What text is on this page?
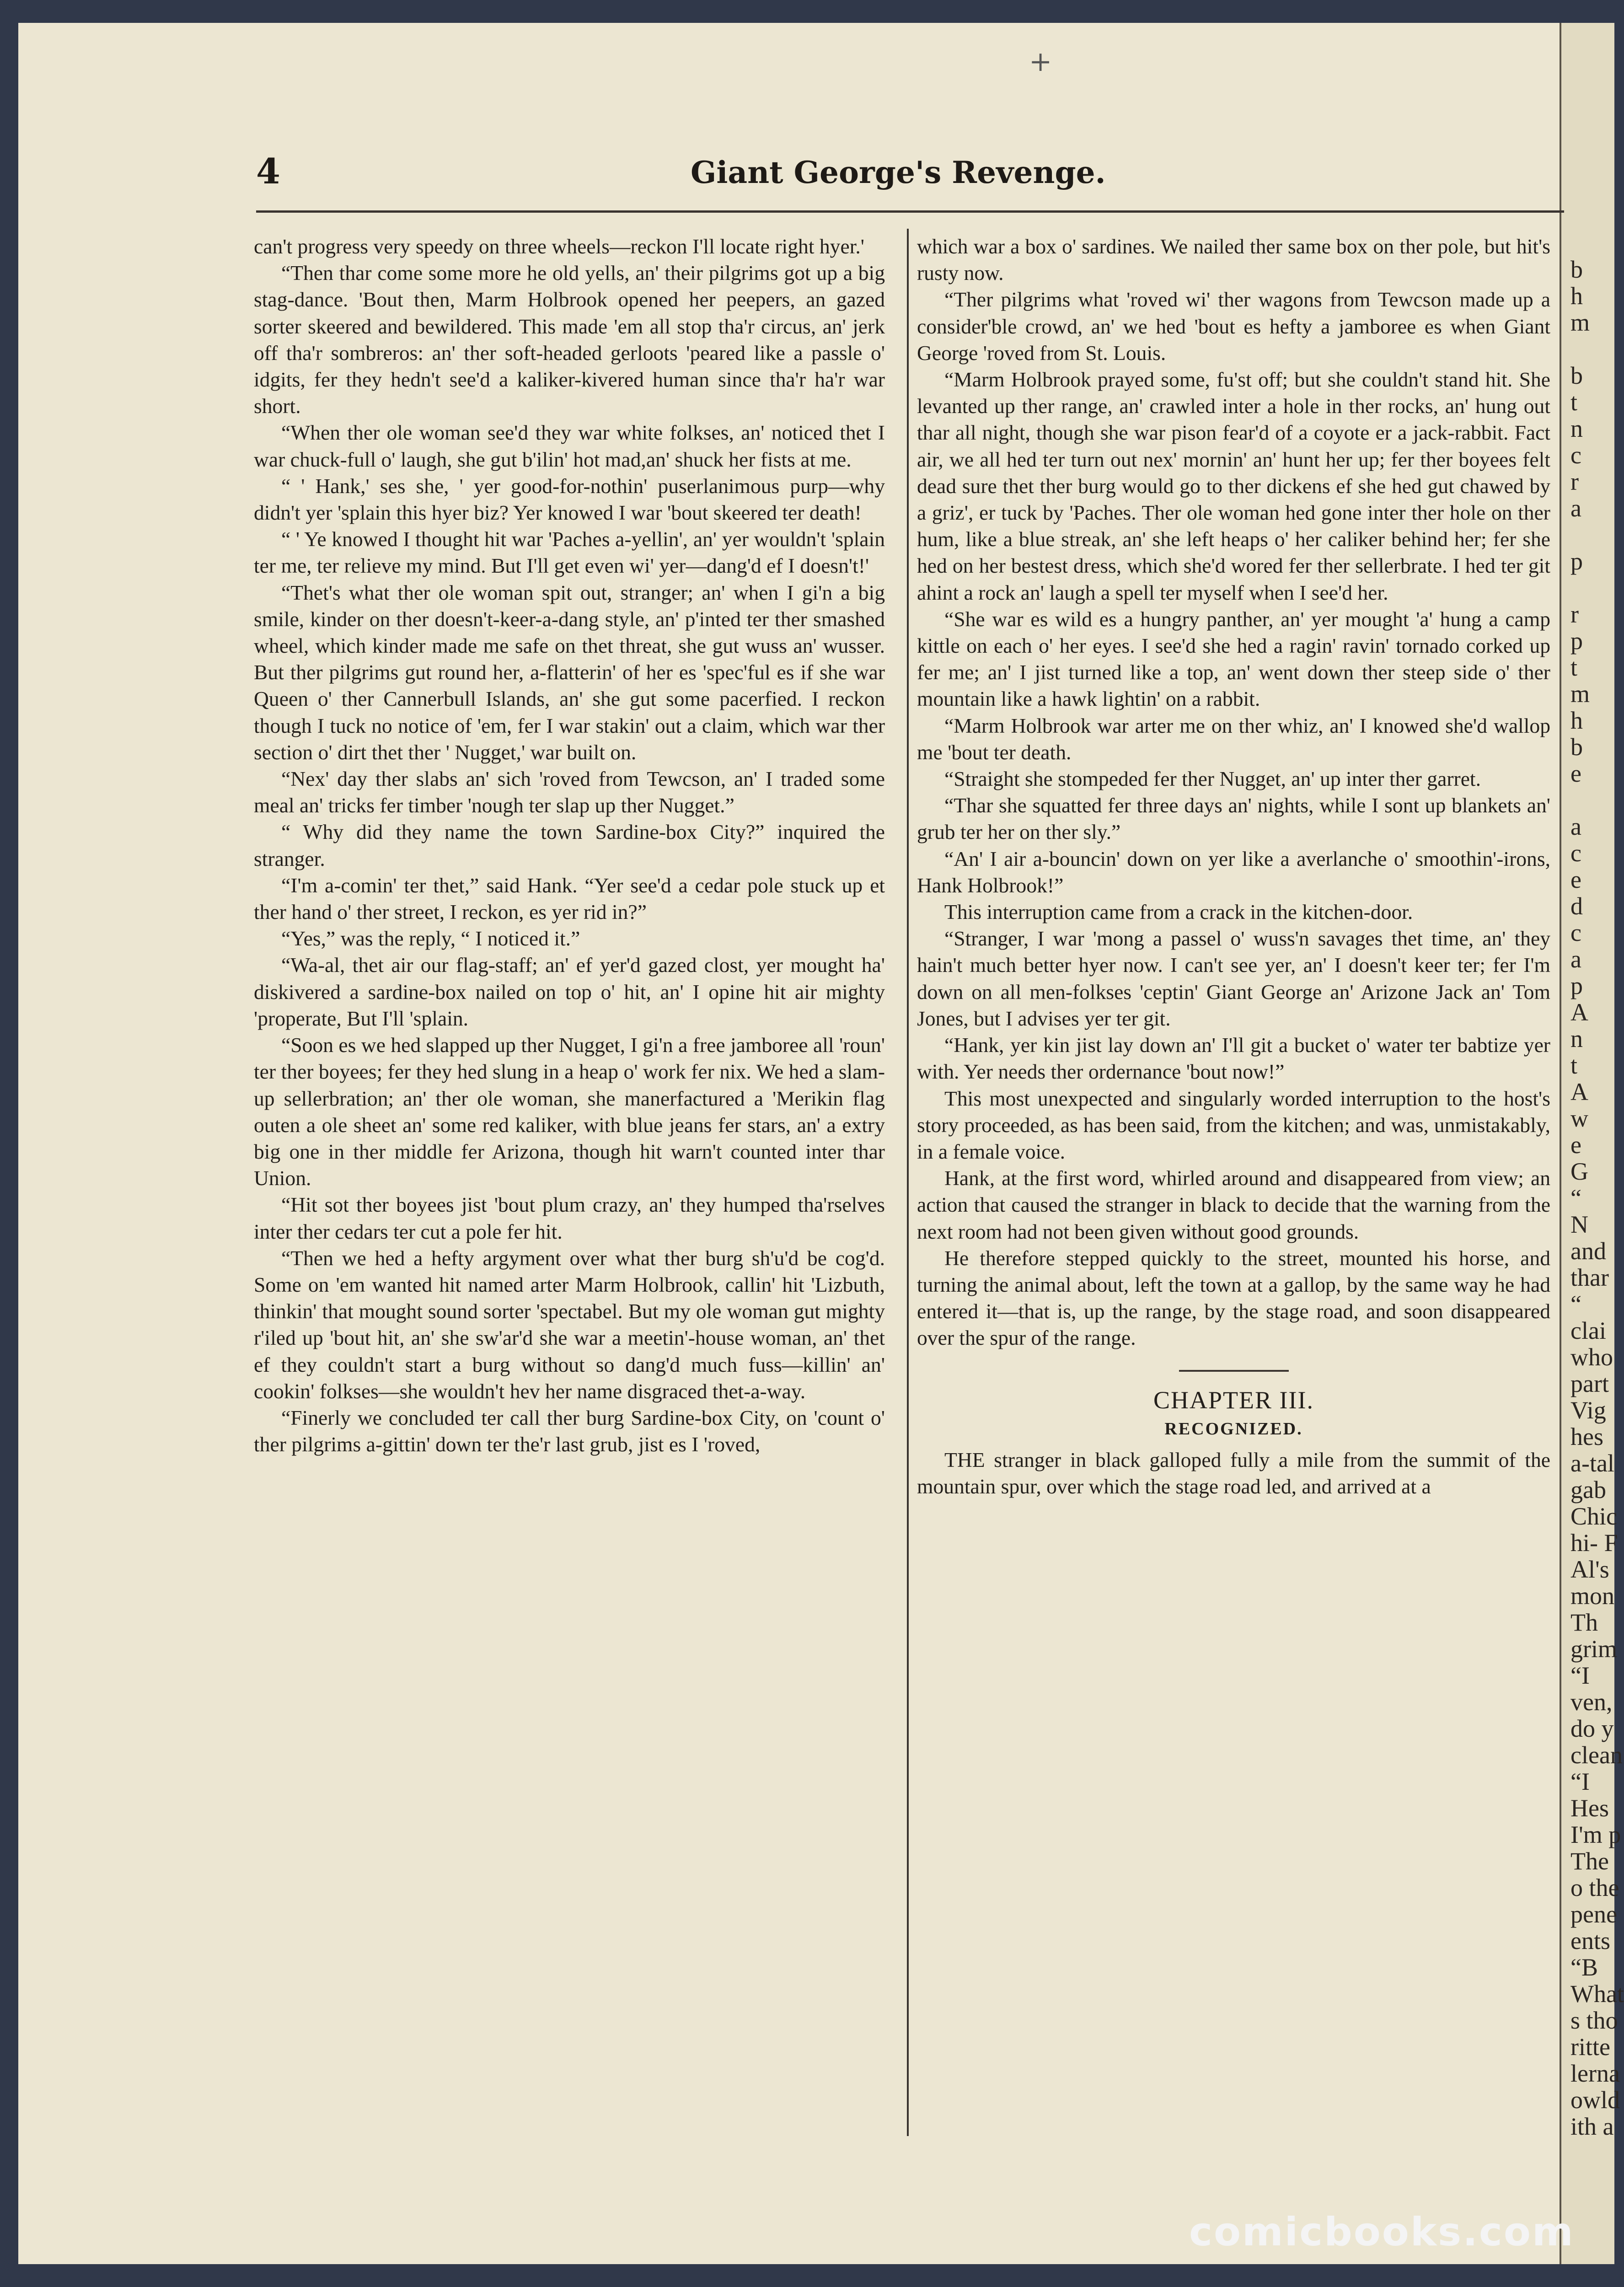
b
h
m
b
t
n
c
r
a
p
r
p
t
m
h
b
e
a
c
e
d
c
a
p
A
n
t
A
w
e
G
“
N
and
thar
“
clai
who
part
Vig
hes
a-tal
gab
Chic
hi- F
Al's
mon
Th
grim
“I
ven,
do y
clean
“I
Hes
I'm p
The
o the
pene
ents
“B
What
s tho
ritte
lerna
owld
ith a
+
4	Giant George's Revenge.

can't progress very speedy on three wheels—reckon I'll locate right hyer.'

“Then thar come some more he old yells, an' their pilgrims got up a big stag-dance. 'Bout then, Marm Holbrook opened her peepers, an gazed sorter skeered and bewildered. This made 'em all stop tha'r circus, an' jerk off tha'r sombreros: an' ther soft-headed gerloots 'peared like a passle o' idgits, fer they hedn't see'd a kaliker-kivered human since tha'r ha'r war short.

“When ther ole woman see'd they war white folkses, an' noticed thet I war chuck-full o' laugh, she gut b'ilin' hot mad,an' shuck her fists at me.

“ ' Hank,' ses she, ' yer good-for-nothin' puserlanimous purp—why didn't yer 'splain this hyer biz? Yer knowed I war 'bout skeered ter death!

“ ' Ye knowed I thought hit war 'Paches a-yellin', an' yer wouldn't 'splain ter me, ter relieve my mind. But I'll get even wi' yer—dang'd ef I doesn't!'

“Thet's what ther ole woman spit out, stranger; an' when I gi'n a big smile, kinder on ther doesn't-keer-a-dang style, an' p'inted ter ther smashed wheel, which kinder made me safe on thet threat, she gut wuss an' wusser. But ther pilgrims gut round her, a-flatterin' of her es 'spec'ful es if she war Queen o' ther Cannerbull Islands, an' she gut some pacerfied. I reckon though I tuck no notice of 'em, fer I war stakin' out a claim, which war ther section o' dirt thet ther ' Nugget,' war built on.

“Nex' day ther slabs an' sich 'roved from Tewcson, an' I traded some meal an' tricks fer timber 'nough ter slap up ther Nugget.”

“ Why did they name the town Sardine-box City?” inquired the stranger.

“I'm a-comin' ter thet,” said Hank. “Yer see'd a cedar pole stuck up et ther hand o' ther street, I reckon, es yer rid in?”

“Yes,” was the reply, “ I noticed it.”

“Wa-al, thet air our flag-staff; an' ef yer'd gazed clost, yer mought ha' diskivered a sardine-box nailed on top o' hit, an' I opine hit air mighty 'properate, But I'll 'splain.

“Soon es we hed slapped up ther Nugget, I gi'n a free jamboree all 'roun' ter ther boyees; fer they hed slung in a heap o' work fer nix. We hed a slam-up sellerbration; an' ther ole woman, she manerfactured a 'Merikin flag outen a ole sheet an' some red kaliker, with blue jeans fer stars, an' a extry big one in ther middle fer Arizona, though hit warn't counted inter thar Union.

“Hit sot ther boyees jist 'bout plum crazy, an' they humped tha'rselves inter ther cedars ter cut a pole fer hit.

“Then we hed a hefty argyment over what ther burg sh'u'd be cog'd. Some on 'em wanted hit named arter Marm Holbrook, callin' hit 'Lizbuth, thinkin' that mought sound sorter 'spectabel. But my ole woman gut mighty r'iled up 'bout hit, an' she sw'ar'd she war a meetin'-house woman, an' thet ef they couldn't start a burg without so dang'd much fuss—killin' an' cookin' folkses—she wouldn't hev her name disgraced thet-a-way.

“Finerly we concluded ter call ther burg Sardine-box City, on 'count o' ther pilgrims a-gittin' down ter the'r last grub, jist es I 'roved,

which war a box o' sardines. We nailed ther same box on ther pole, but hit's rusty now.

“Ther pilgrims what 'roved wi' ther wagons from Tewcson made up a consider'ble crowd, an' we hed 'bout es hefty a jamboree es when Giant George 'roved from St. Louis.

“Marm Holbrook prayed some, fu'st off; but she couldn't stand hit. She levanted up ther range, an' crawled inter a hole in ther rocks, an' hung out thar all night, though she war pison fear'd of a coyote er a jack-rabbit. Fact air, we all hed ter turn out nex' mornin' an' hunt her up; fer ther boyees felt dead sure thet ther burg would go to ther dickens ef she hed gut chawed by a griz', er tuck by 'Paches. Ther ole woman hed gone inter ther hole on ther hum, like a blue streak, an' she left heaps o' her caliker behind her; fer she hed on her bestest dress, which she'd wored fer ther sellerbrate. I hed ter git ahint a rock an' laugh a spell ter myself when I see'd her.

“She war es wild es a hungry panther, an' yer mought 'a' hung a camp kittle on each o' her eyes. I see'd she hed a ragin' ravin' tornado corked up fer me; an' I jist turned like a top, an' went down ther steep side o' ther mountain like a hawk lightin' on a rabbit.

“Marm Holbrook war arter me on ther whiz, an' I knowed she'd wallop me 'bout ter death.

“Straight she stompeded fer ther Nugget, an' up inter ther garret.

“Thar she squatted fer three days an' nights, while I sont up blankets an' grub ter her on ther sly.”

“An' I air a-bouncin' down on yer like a averlanche o' smoothin'-irons, Hank Holbrook!”

This interruption came from a crack in the kitchen-door.

“Stranger, I war 'mong a passel o' wuss'n savages thet time, an' they hain't much better hyer now. I can't see yer, an' I doesn't keer ter; fer I'm down on all men-folkses 'ceptin' Giant George an' Arizone Jack an' Tom Jones, but I advises yer ter git.

“Hank, yer kin jist lay down an' I'll git a bucket o' water ter babtize yer with. Yer needs ther ordernance 'bout now!”

This most unexpected and singularly worded interruption to the host's story proceeded, as has been said, from the kitchen; and was, unmistakably, in a female voice.

Hank, at the first word, whirled around and disappeared from view; an action that caused the stranger in black to decide that the warning from the next room had not been given without good grounds.

He therefore stepped quickly to the street, mounted his horse, and turning the animal about, left the town at a gallop, by the same way he had entered it—that is, up the range, by the stage road, and soon disappeared over the spur of the range.

CHAPTER III.
RECOGNIZED.

THE stranger in black galloped fully a mile from the summit of the mountain spur, over which the stage road led, and arrived at a

comicbooks.com
